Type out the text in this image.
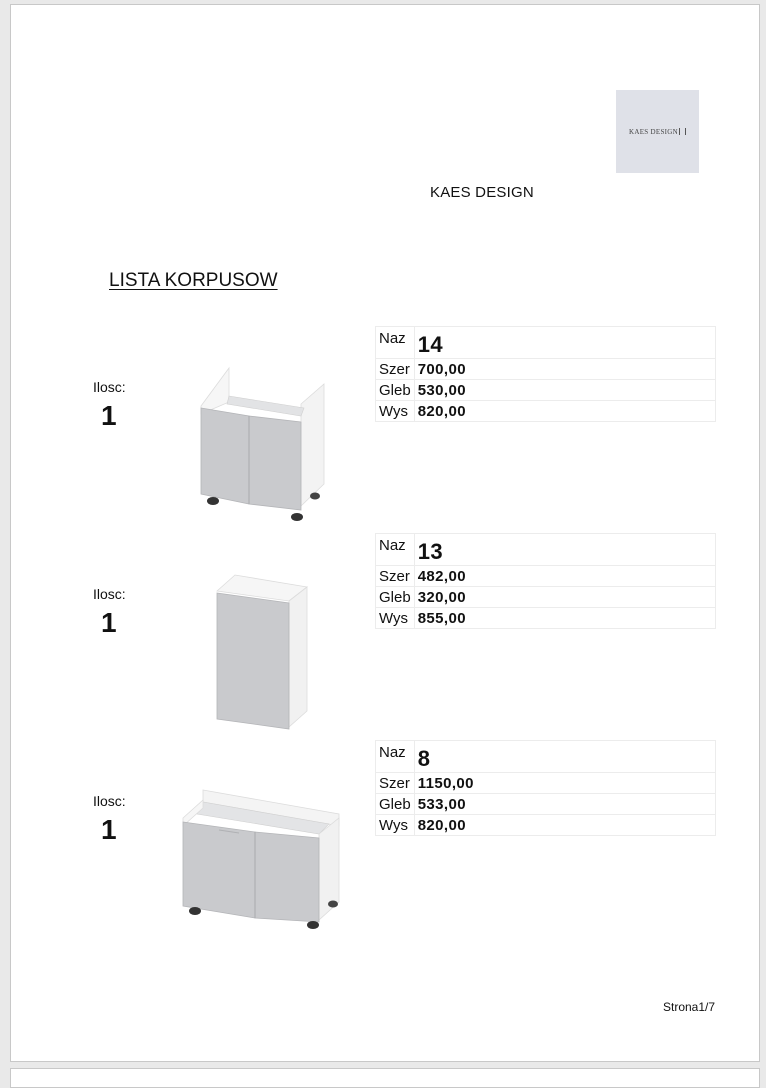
KAES DESIGN
KAES DESIGN
LISTA KORPUSOW
Ilosc:
1
Naz	14
Szer	700,00
Gleb	530,00
Wys	820,00
Ilosc:
1
Naz	13
Szer	482,00
Gleb	320,00
Wys	855,00
Ilosc:
1
Naz	8
Szer	1150,00
Gleb	533,00
Wys	820,00
Strona1/7
